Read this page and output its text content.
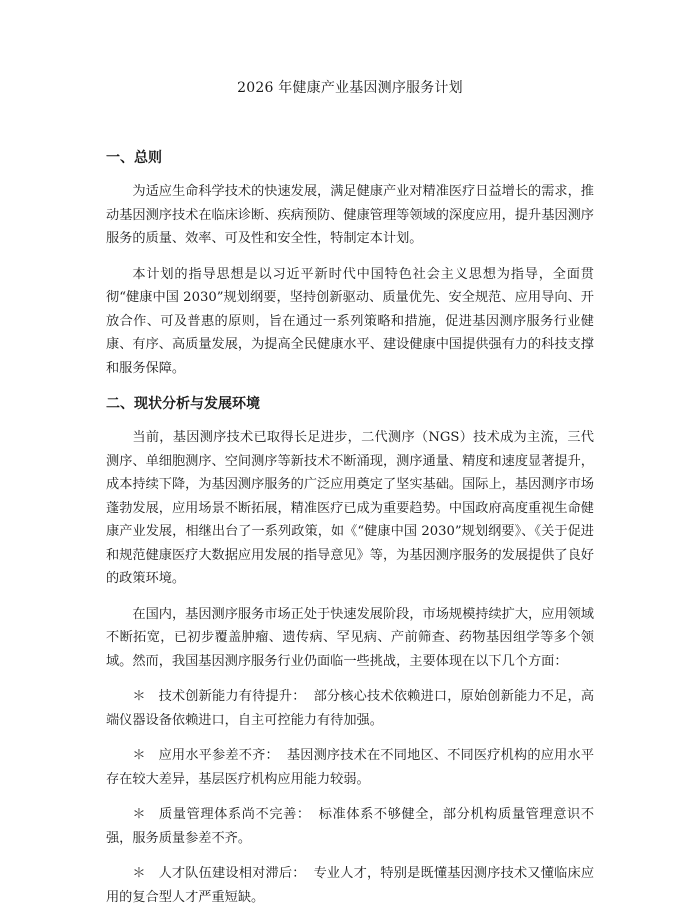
2026 年健康产业基因测序服务计划
一、总则

为适应生命科学技术的快速发展，满足健康产业对精准医疗日益增长的需求，推动基因测序技术在临床诊断、疾病预防、健康管理等领域的深度应用，提升基因测序服务的质量、效率、可及性和安全性，特制定本计划。

本计划的指导思想是以习近平新时代中国特色社会主义思想为指导，全面贯彻“健康中国 2030”规划纲要，坚持创新驱动、质量优先、安全规范、应用导向、开放合作、可及普惠的原则，旨在通过一系列策略和措施，促进基因测序服务行业健康、有序、高质量发展，为提高全民健康水平、建设健康中国提供强有力的科技支撑和服务保障。

二、现状分析与发展环境

当前，基因测序技术已取得长足进步，二代测序（NGS）技术成为主流，三代测序、单细胞测序、空间测序等新技术不断涌现，测序通量、精度和速度显著提升，成本持续下降，为基因测序服务的广泛应用奠定了坚实基础。国际上，基因测序市场蓬勃发展，应用场景不断拓展，精准医疗已成为重要趋势。中国政府高度重视生命健康产业发展，相继出台了一系列政策，如《“健康中国 2030”规划纲要》、《关于促进和规范健康医疗大数据应用发展的指导意见》等，为基因测序服务的发展提供了良好的政策环境。

在国内，基因测序服务市场正处于快速发展阶段，市场规模持续扩大，应用领域不断拓宽，已初步覆盖肿瘤、遗传病、罕见病、产前筛查、药物基因组学等多个领域。然而，我国基因测序服务行业仍面临一些挑战，主要体现在以下几个方面：

＊ 技术创新能力有待提升： 部分核心技术依赖进口，原始创新能力不足，高端仪器设备依赖进口，自主可控能力有待加强。

＊ 应用水平参差不齐： 基因测序技术在不同地区、不同医疗机构的应用水平存在较大差异，基层医疗机构应用能力较弱。

＊ 质量管理体系尚不完善： 标准体系不够健全，部分机构质量管理意识不强，服务质量参差不齐。

＊ 人才队伍建设相对滞后： 专业人才，特别是既懂基因测序技术又懂临床应用的复合型人才严重短缺。
